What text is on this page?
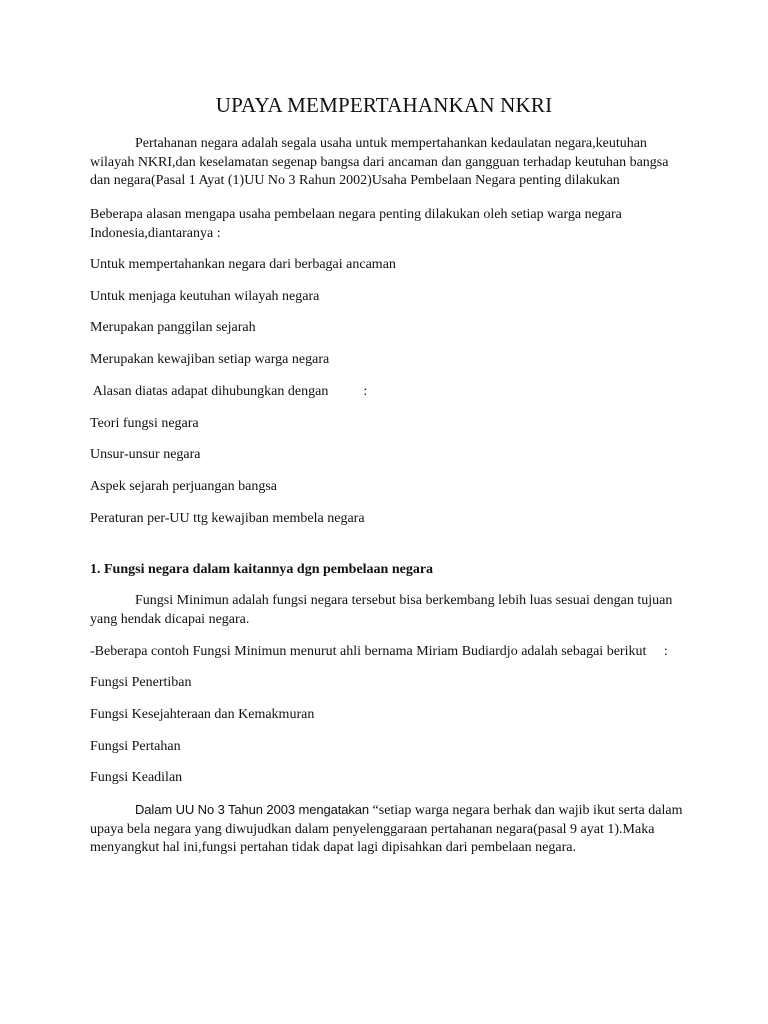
UPAYA MEMPERTAHANKAN NKRI

Pertahanan negara adalah segala usaha untuk mempertahankan kedaulatan negara,keutuhan
wilayah NKRI,dan keselamatan segenap bangsa dari ancaman dan gangguan terhadap keutuhan bangsa
dan negara(Pasal 1 Ayat (1)UU No 3 Rahun 2002)Usaha Pembelaan Negara penting dilakukan

Beberapa alasan mengapa usaha pembelaan negara penting dilakukan oleh setiap warga negara
Indonesia,diantaranya :

Untuk mempertahankan negara dari berbagai ancaman

Untuk menjaga keutuhan wilayah negara

Merupakan panggilan sejarah

Merupakan kewajiban setiap warga negara

Alasan diatas adapat dihubungkan dengan          :

Teori fungsi negara

Unsur-unsur negara

Aspek sejarah perjuangan bangsa

Peraturan per-UU ttg kewajiban membela negara

1. Fungsi negara dalam kaitannya dgn pembelaan negara

Fungsi Minimun adalah fungsi negara tersebut bisa berkembang lebih luas sesuai dengan tujuan
yang hendak dicapai negara.

-Beberapa contoh Fungsi Minimun menurut ahli bernama Miriam Budiardjo adalah sebagai berikut     :

Fungsi Penertiban

Fungsi Kesejahteraan dan Kemakmuran

Fungsi Pertahan

Fungsi Keadilan

Dalam UU No 3 Tahun 2003 mengatakan “setiap warga negara berhak dan wajib ikut serta dalam
upaya bela negara yang diwujudkan dalam penyelenggaraan pertahanan negara(pasal 9 ayat 1).Maka
menyangkut hal ini,fungsi pertahan tidak dapat lagi dipisahkan dari pembelaan negara.
